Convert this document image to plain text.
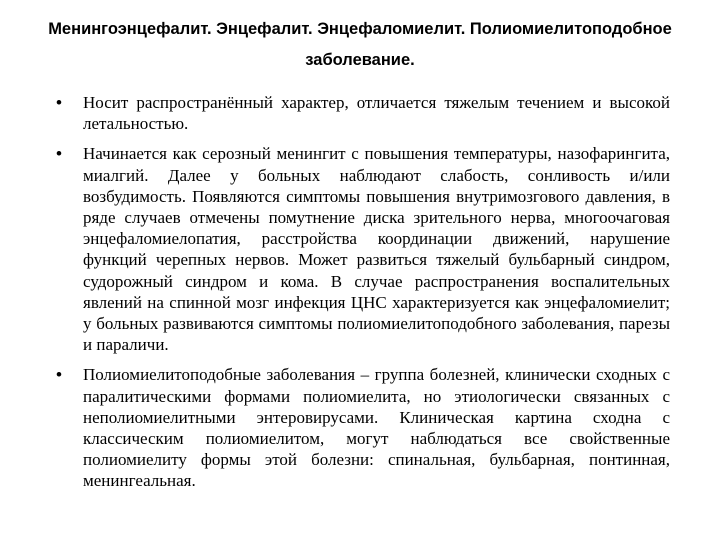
Менингоэнцефалит. Энцефалит. Энцефаломиелит. Полиомиелитоподобное заболевание.
• Носит распространённый характер, отличается тяжелым течением и высокой летальностью.
• Начинается как серозный менингит с повышения температуры, назофарингита, миалгий. Далее у больных наблюдают слабость, сонливость и/или возбудимость. Появляются симптомы повышения внутримозгового давления, в ряде случаев отмечены помутнение диска зрительного нерва, многоочаговая энцефаломиелопатия, расстройства координации движений, нарушение функций черепных нервов. Может развиться тяжелый бульбарный синдром, судорожный синдром и кома. В случае распространения воспалительных явлений на спинной мозг инфекция ЦНС характеризуется как энцефаломиелит; у больных развиваются симптомы полиомиелитоподобного заболевания, парезы и параличи.
• Полиомиелитоподобные заболевания – группа болезней, клинически сходных с паралитическими формами полиомиелита, но этиологически связанных с неполиомиелитными энтеровирусами. Клиническая картина сходна с классическим полиомиелитом, могут наблюдаться все свойственные полиомиелиту формы этой болезни: спинальная, бульбарная, понтинная, менингеальная.
